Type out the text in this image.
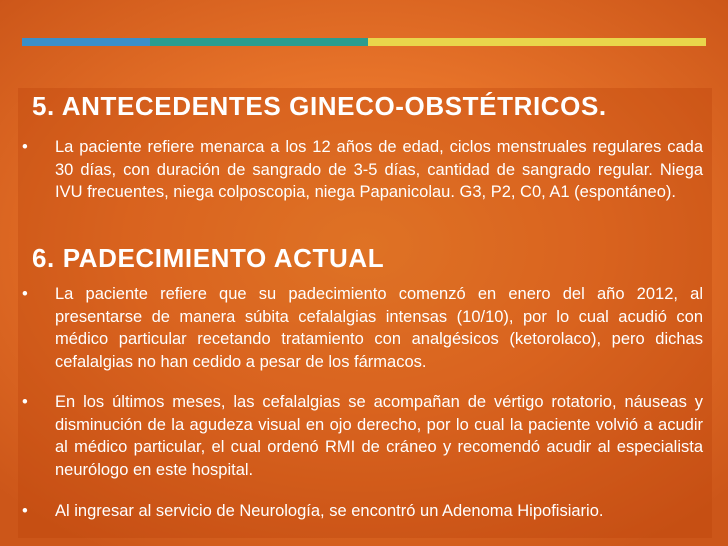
5. ANTECEDENTES GINECO-OBSTÉTRICOS.
•	La paciente refiere menarca a los 12 años de edad, ciclos menstruales regulares cada 30 días, con duración de sangrado de 3-5 días, cantidad de sangrado regular. Niega IVU frecuentes, niega colposcopia, niega Papanicolau. G3, P2, C0, A1 (espontáneo).
6. PADECIMIENTO ACTUAL
•	La paciente refiere que su padecimiento comenzó en enero del año 2012, al presentarse de manera súbita cefalalgias intensas (10/10), por lo cual acudió con médico particular recetando tratamiento con analgésicos (ketorolaco), pero dichas cefalalgias no han cedido a pesar de los fármacos.
•	En los últimos meses, las cefalalgias se acompañan de vértigo rotatorio, náuseas y disminución de la agudeza visual en ojo derecho, por lo cual la paciente volvió a acudir al médico particular, el cual ordenó RMI de cráneo y recomendó acudir al especialista neurólogo en este hospital.
•	Al ingresar al servicio de Neurología, se encontró un Adenoma Hipofisiario.
